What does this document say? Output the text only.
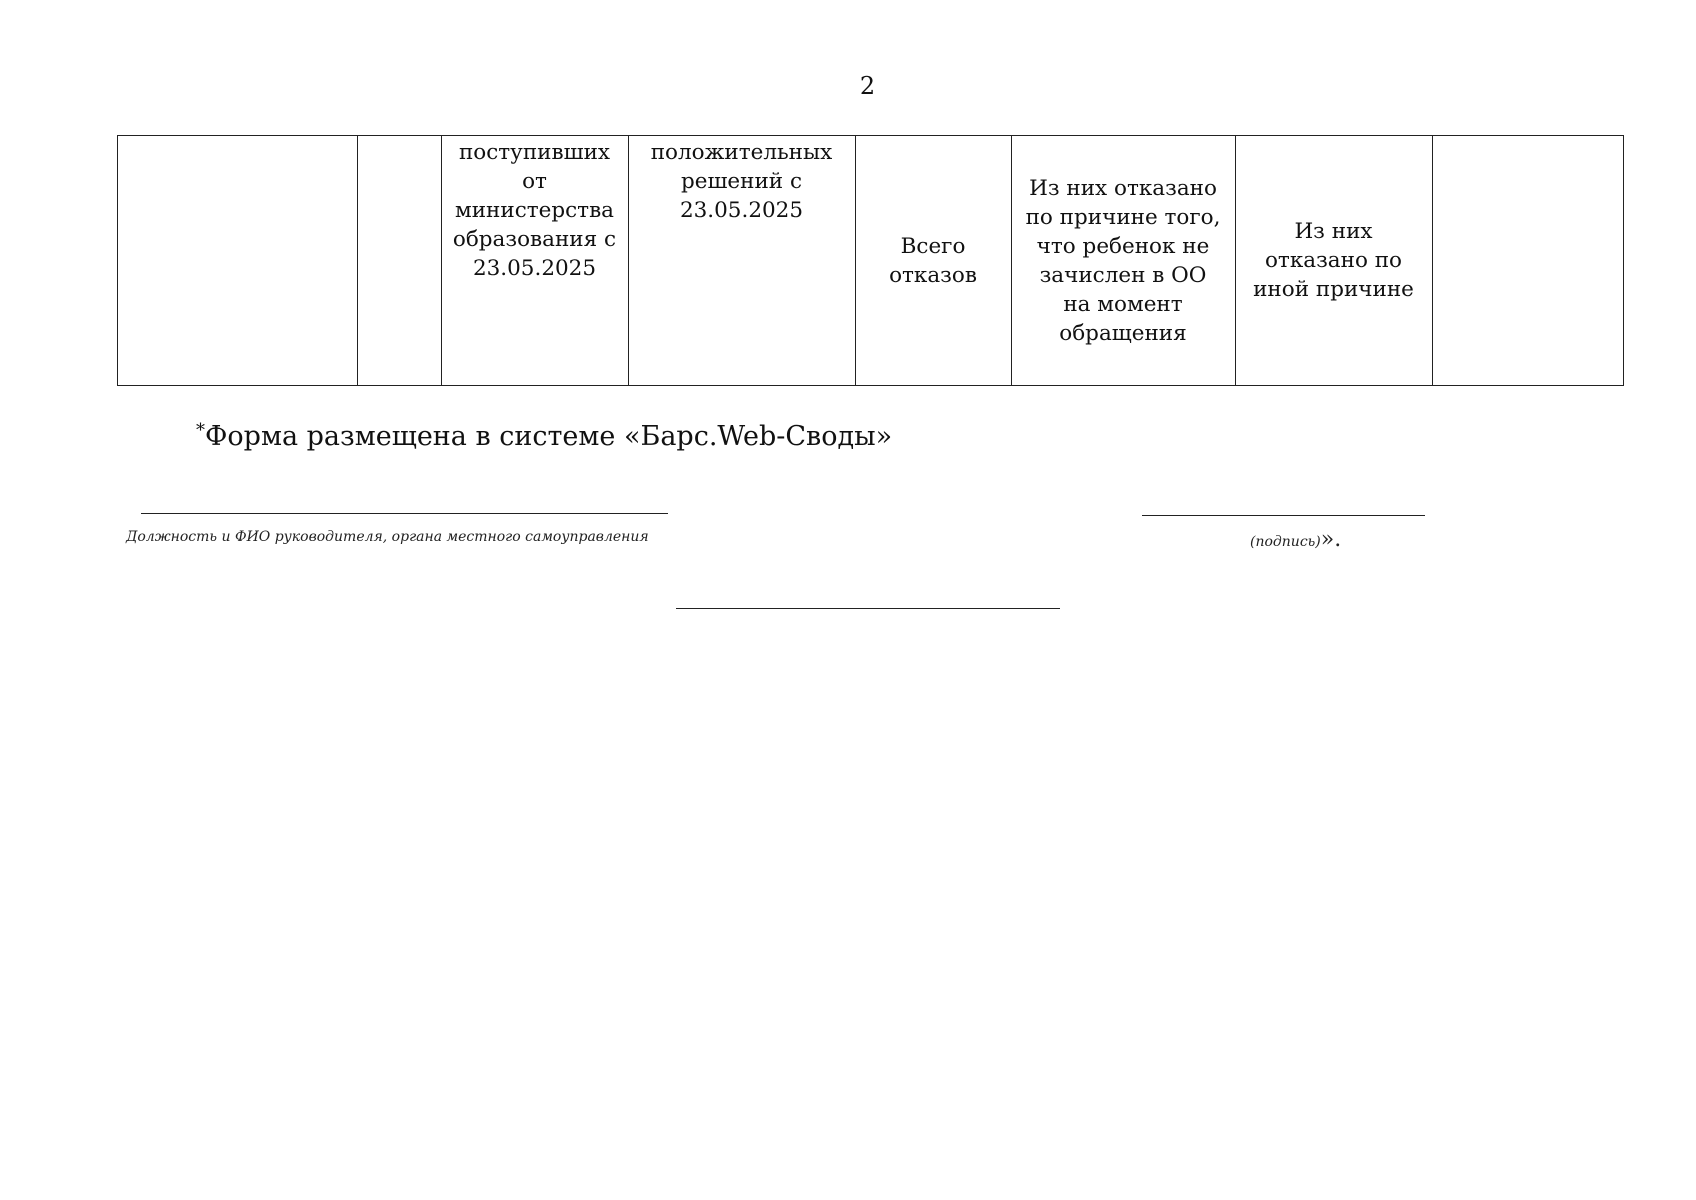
2
поступивших от министерства образования с 23.05.2025
положительных решений с 23.05.2025
Всего отказов
Из них отказано по причине того, что ребенок не зачислен в ОО на момент обращения
Из них отказано по иной причине
*Форма размещена в системе «Барс.Web-Своды»
Должность и ФИО руководителя, органа местного самоуправления	(подпись)».
